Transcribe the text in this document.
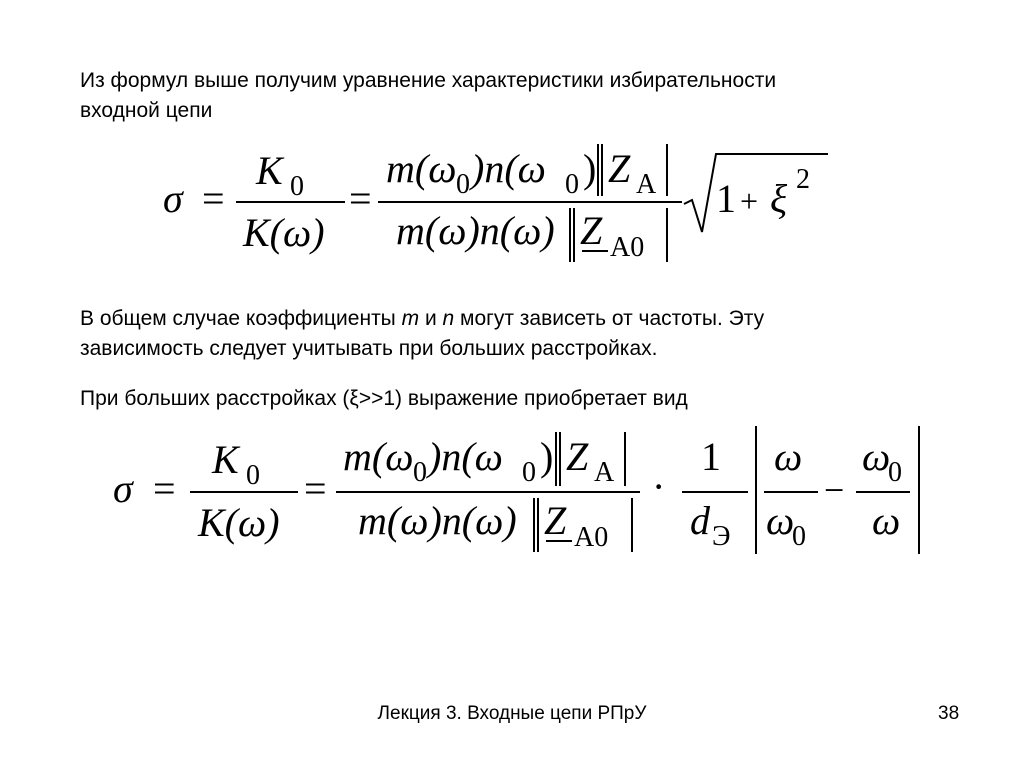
Из формул выше получим уравнение характеристики избирательности
входной цепи

σ =
K 0
K(ω)
=
m(ω 0 )n(ω 0 ) Z A
m(ω)n(ω) Z A0
1 + ξ 2

В общем случае коэффициенты m и n могут зависеть от частоты. Эту
зависимость следует учитывать при больших расстройках.

При больших расстройках (ξ>>1) выражение приобретает вид

σ =
K 0
K(ω)
=
m(ω 0 )n(ω 0 ) Z A
m(ω)n(ω) Z A0
·
1
d Э
ω
ω
0
−
ω
0
ω
Лекция 3. Входные цепи РПрУ	38
